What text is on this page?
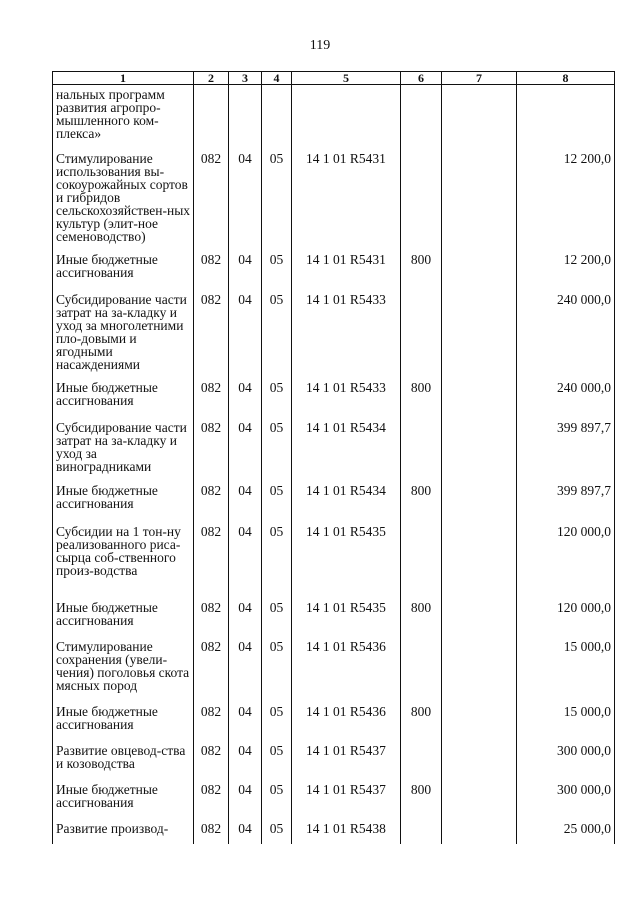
119
1	2	3	4	5	6	7	8
нальных программ развития агропро-мышленного ком-плекса»							
Стимулирование использования вы-сокоурожайных сортов и гибридов сельскохозяйствен-ных культур (элит-ное семеноводство)	082	04	05	14 1 01 R5431			12 200,0
Иные бюджетные ассигнования	082	04	05	14 1 01 R5431	800		12 200,0
Субсидирование части затрат на за-кладку и уход за многолетними пло-довыми и ягодными насаждениями	082	04	05	14 1 01 R5433			240 000,0
Иные бюджетные ассигнования	082	04	05	14 1 01 R5433	800		240 000,0
Субсидирование части затрат на за-кладку и уход за виноградниками	082	04	05	14 1 01 R5434			399 897,7
Иные бюджетные ассигнования	082	04	05	14 1 01 R5434	800		399 897,7
Субсидии на 1 тон-ну реализованного риса-сырца соб-ственного произ-водства	082	04	05	14 1 01 R5435			120 000,0
Иные бюджетные ассигнования	082	04	05	14 1 01 R5435	800		120 000,0
Стимулирование сохранения (увели-чения) поголовья скота мясных пород	082	04	05	14 1 01 R5436			15 000,0
Иные бюджетные ассигнования	082	04	05	14 1 01 R5436	800		15 000,0
Развитие овцевод-ства и козоводства	082	04	05	14 1 01 R5437			300 000,0
Иные бюджетные ассигнования	082	04	05	14 1 01 R5437	800		300 000,0
Развитие производ-	082	04	05	14 1 01 R5438			25 000,0
